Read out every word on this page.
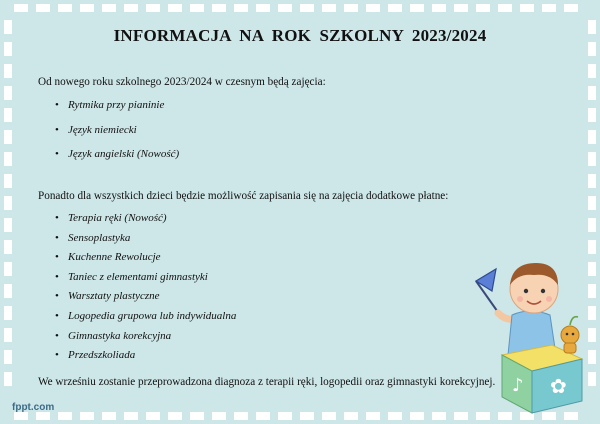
INFORMACJA NA ROK SZKOLNY 2023/2024
Od nowego roku szkolnego 2023/2024 w czesnym będą zajęcia:
• Rytmika przy pianinie
• Język niemiecki
• Język angielski (Nowość)
Ponadto dla wszystkich dzieci będzie możliwość zapisania się na zajęcia dodatkowe płatne:
• Terapia ręki (Nowość)
• Sensoplastyka
• Kuchenne Rewolucje
• Taniec z elementami gimnastyki
• Warsztaty plastyczne
• Logopedia grupowa lub indywidualna
• Gimnastyka korekcyjna
• Przedszkoliada
We wrześniu zostanie przeprowadzona diagnoza z terapii ręki, logopedii oraz gimnastyki korekcyjnej.
fppt.com
♪ ✿
